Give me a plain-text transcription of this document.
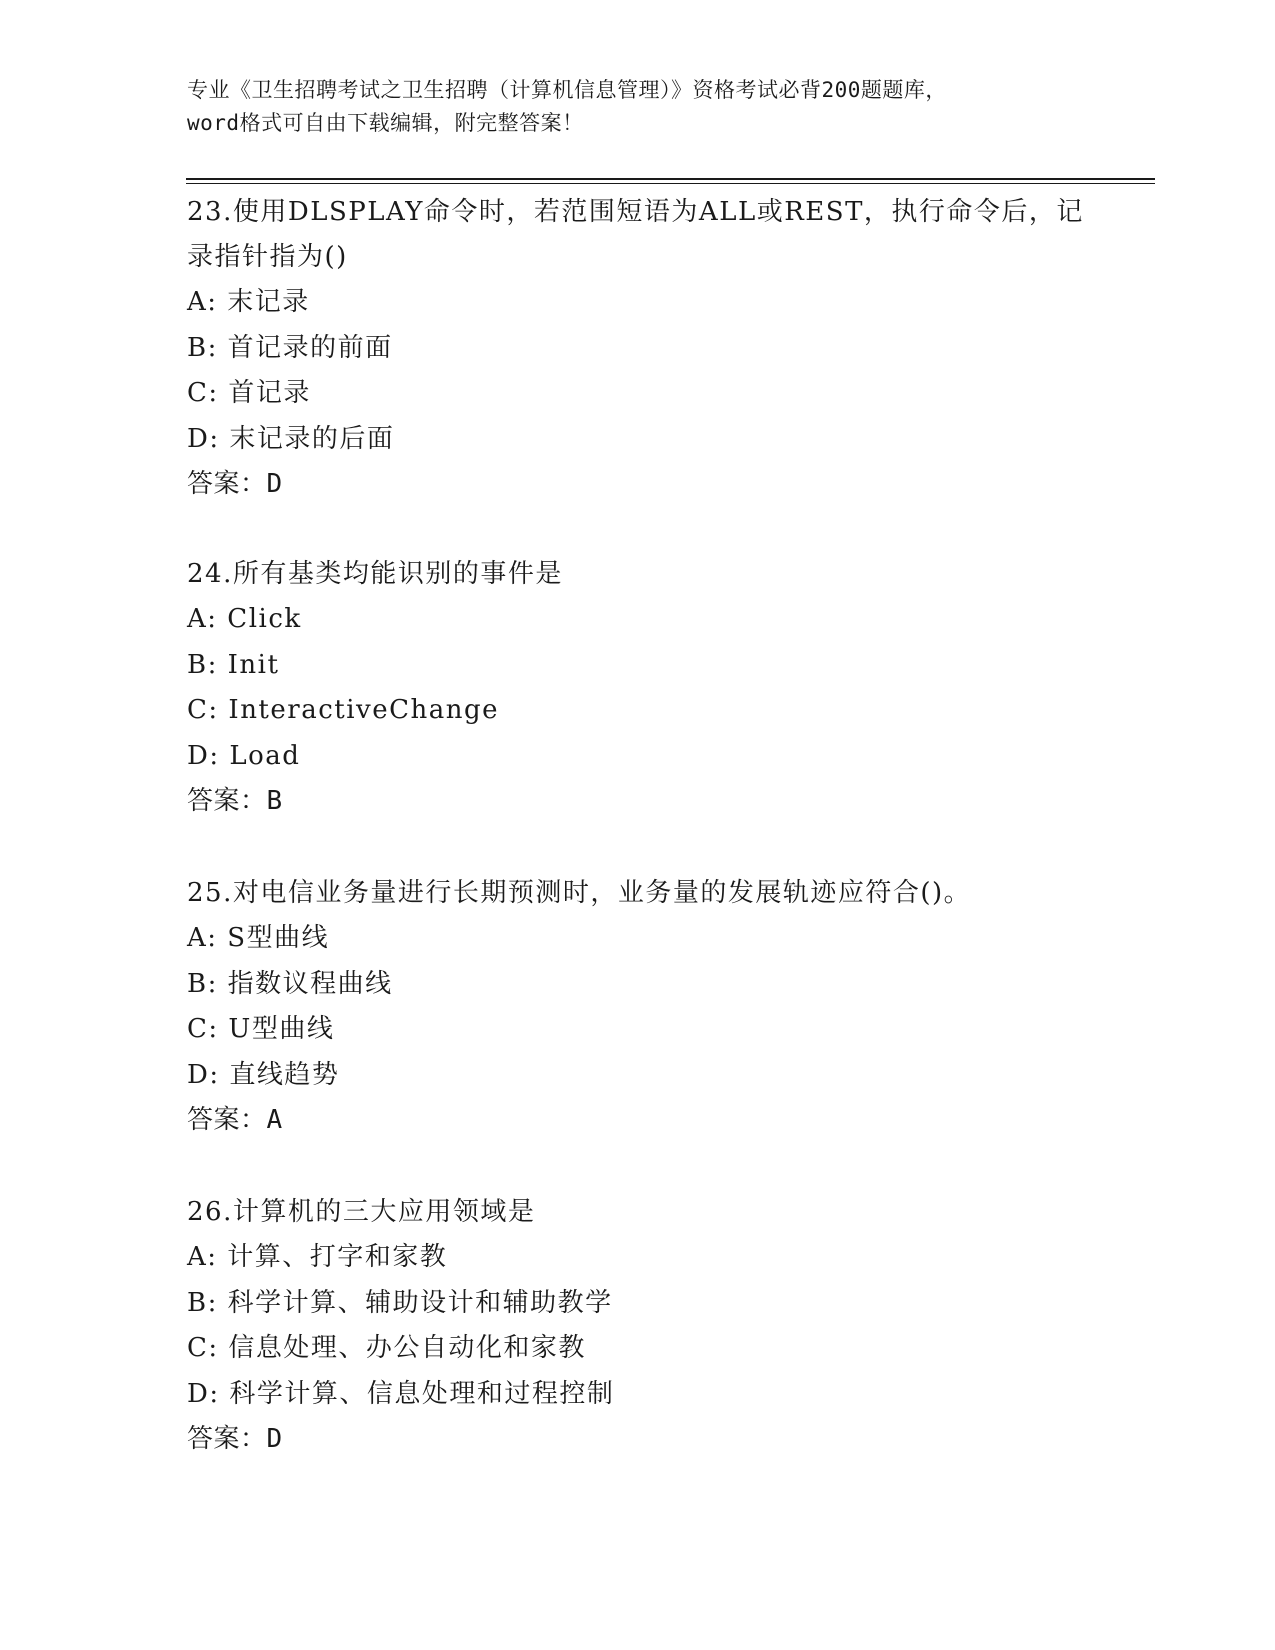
专业《卫生招聘考试之卫生招聘（计算机信息管理）》资格考试必背200题题库，
word格式可自由下载编辑，附完整答案！

23.使用DLSPLAY命令时，若范围短语为ALL或REST，执行命令后，记

录指针指为()

A: 末记录

B: 首记录的前面

C: 首记录

D: 末记录的后面

答案：D

24.所有基类均能识别的事件是

A: Click

B: Init

C: InteractiveChange

D: Load

答案：B

25.对电信业务量进行长期预测时，业务量的发展轨迹应符合()。

A: S型曲线

B: 指数议程曲线

C: U型曲线

D: 直线趋势

答案：A

26.计算机的三大应用领域是

A: 计算、打字和家教

B: 科学计算、辅助设计和辅助教学

C: 信息处理、办公自动化和家教

D: 科学计算、信息处理和过程控制

答案：D
